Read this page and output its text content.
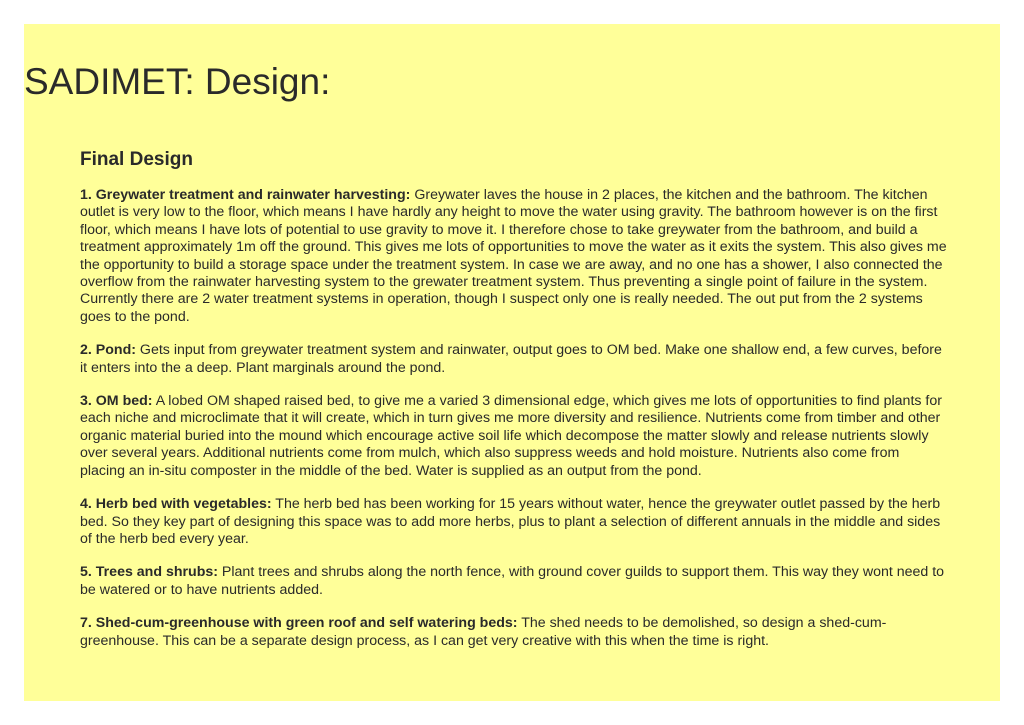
SADIMET: Design:
Final Design

1. Greywater treatment and rainwater harvesting: Greywater laves the house in 2 places, the kitchen and the bathroom. The kitchen outlet is very low to the floor, which means I have hardly any height to move the water using gravity. The bathroom however is on the first floor, which means I have lots of potential to use gravity to move it. I therefore chose to take greywater from the bathroom, and build a treatment approximately 1m off the ground. This gives me lots of opportunities to move the water as it exits the system. This also gives me the opportunity to build a storage space under the treatment system. In case we are away, and no one has a shower, I also connected the overflow from the rainwater harvesting system to the grewater treatment system. Thus preventing a single point of failure in the system. Currently there are 2 water treatment systems in operation, though I suspect only one is really needed. The out put from the 2 systems goes to the pond.

2. Pond: Gets input from greywater treatment system and rainwater, output goes to OM bed. Make one shallow end, a few curves, before it enters into the a deep. Plant marginals around the pond.

3. OM bed: A lobed OM shaped raised bed, to give me a varied 3 dimensional edge, which gives me lots of opportunities to find plants for each niche and microclimate that it will create, which in turn gives me more diversity and resilience. Nutrients come from timber and other organic material buried into the mound which encourage active soil life which decompose the matter slowly and release nutrients slowly over several years. Additional nutrients come from mulch, which also suppress weeds and hold moisture. Nutrients also come from placing an in-situ composter in the middle of the bed. Water is supplied as an output from the pond.

4. Herb bed with vegetables: The herb bed has been working for 15 years without water, hence the greywater outlet passed by the herb bed. So they key part of designing this space was to add more herbs, plus to plant a selection of different annuals in the middle and sides of the herb bed every year.

5. Trees and shrubs: Plant trees and shrubs along the north fence, with ground cover guilds to support them. This way they wont need to be watered or to have nutrients added.

7. Shed-cum-greenhouse with green roof and self watering beds: The shed needs to be demolished, so design a shed-cum-greenhouse. This can be a separate design process, as I can get very creative with this when the time is right.
